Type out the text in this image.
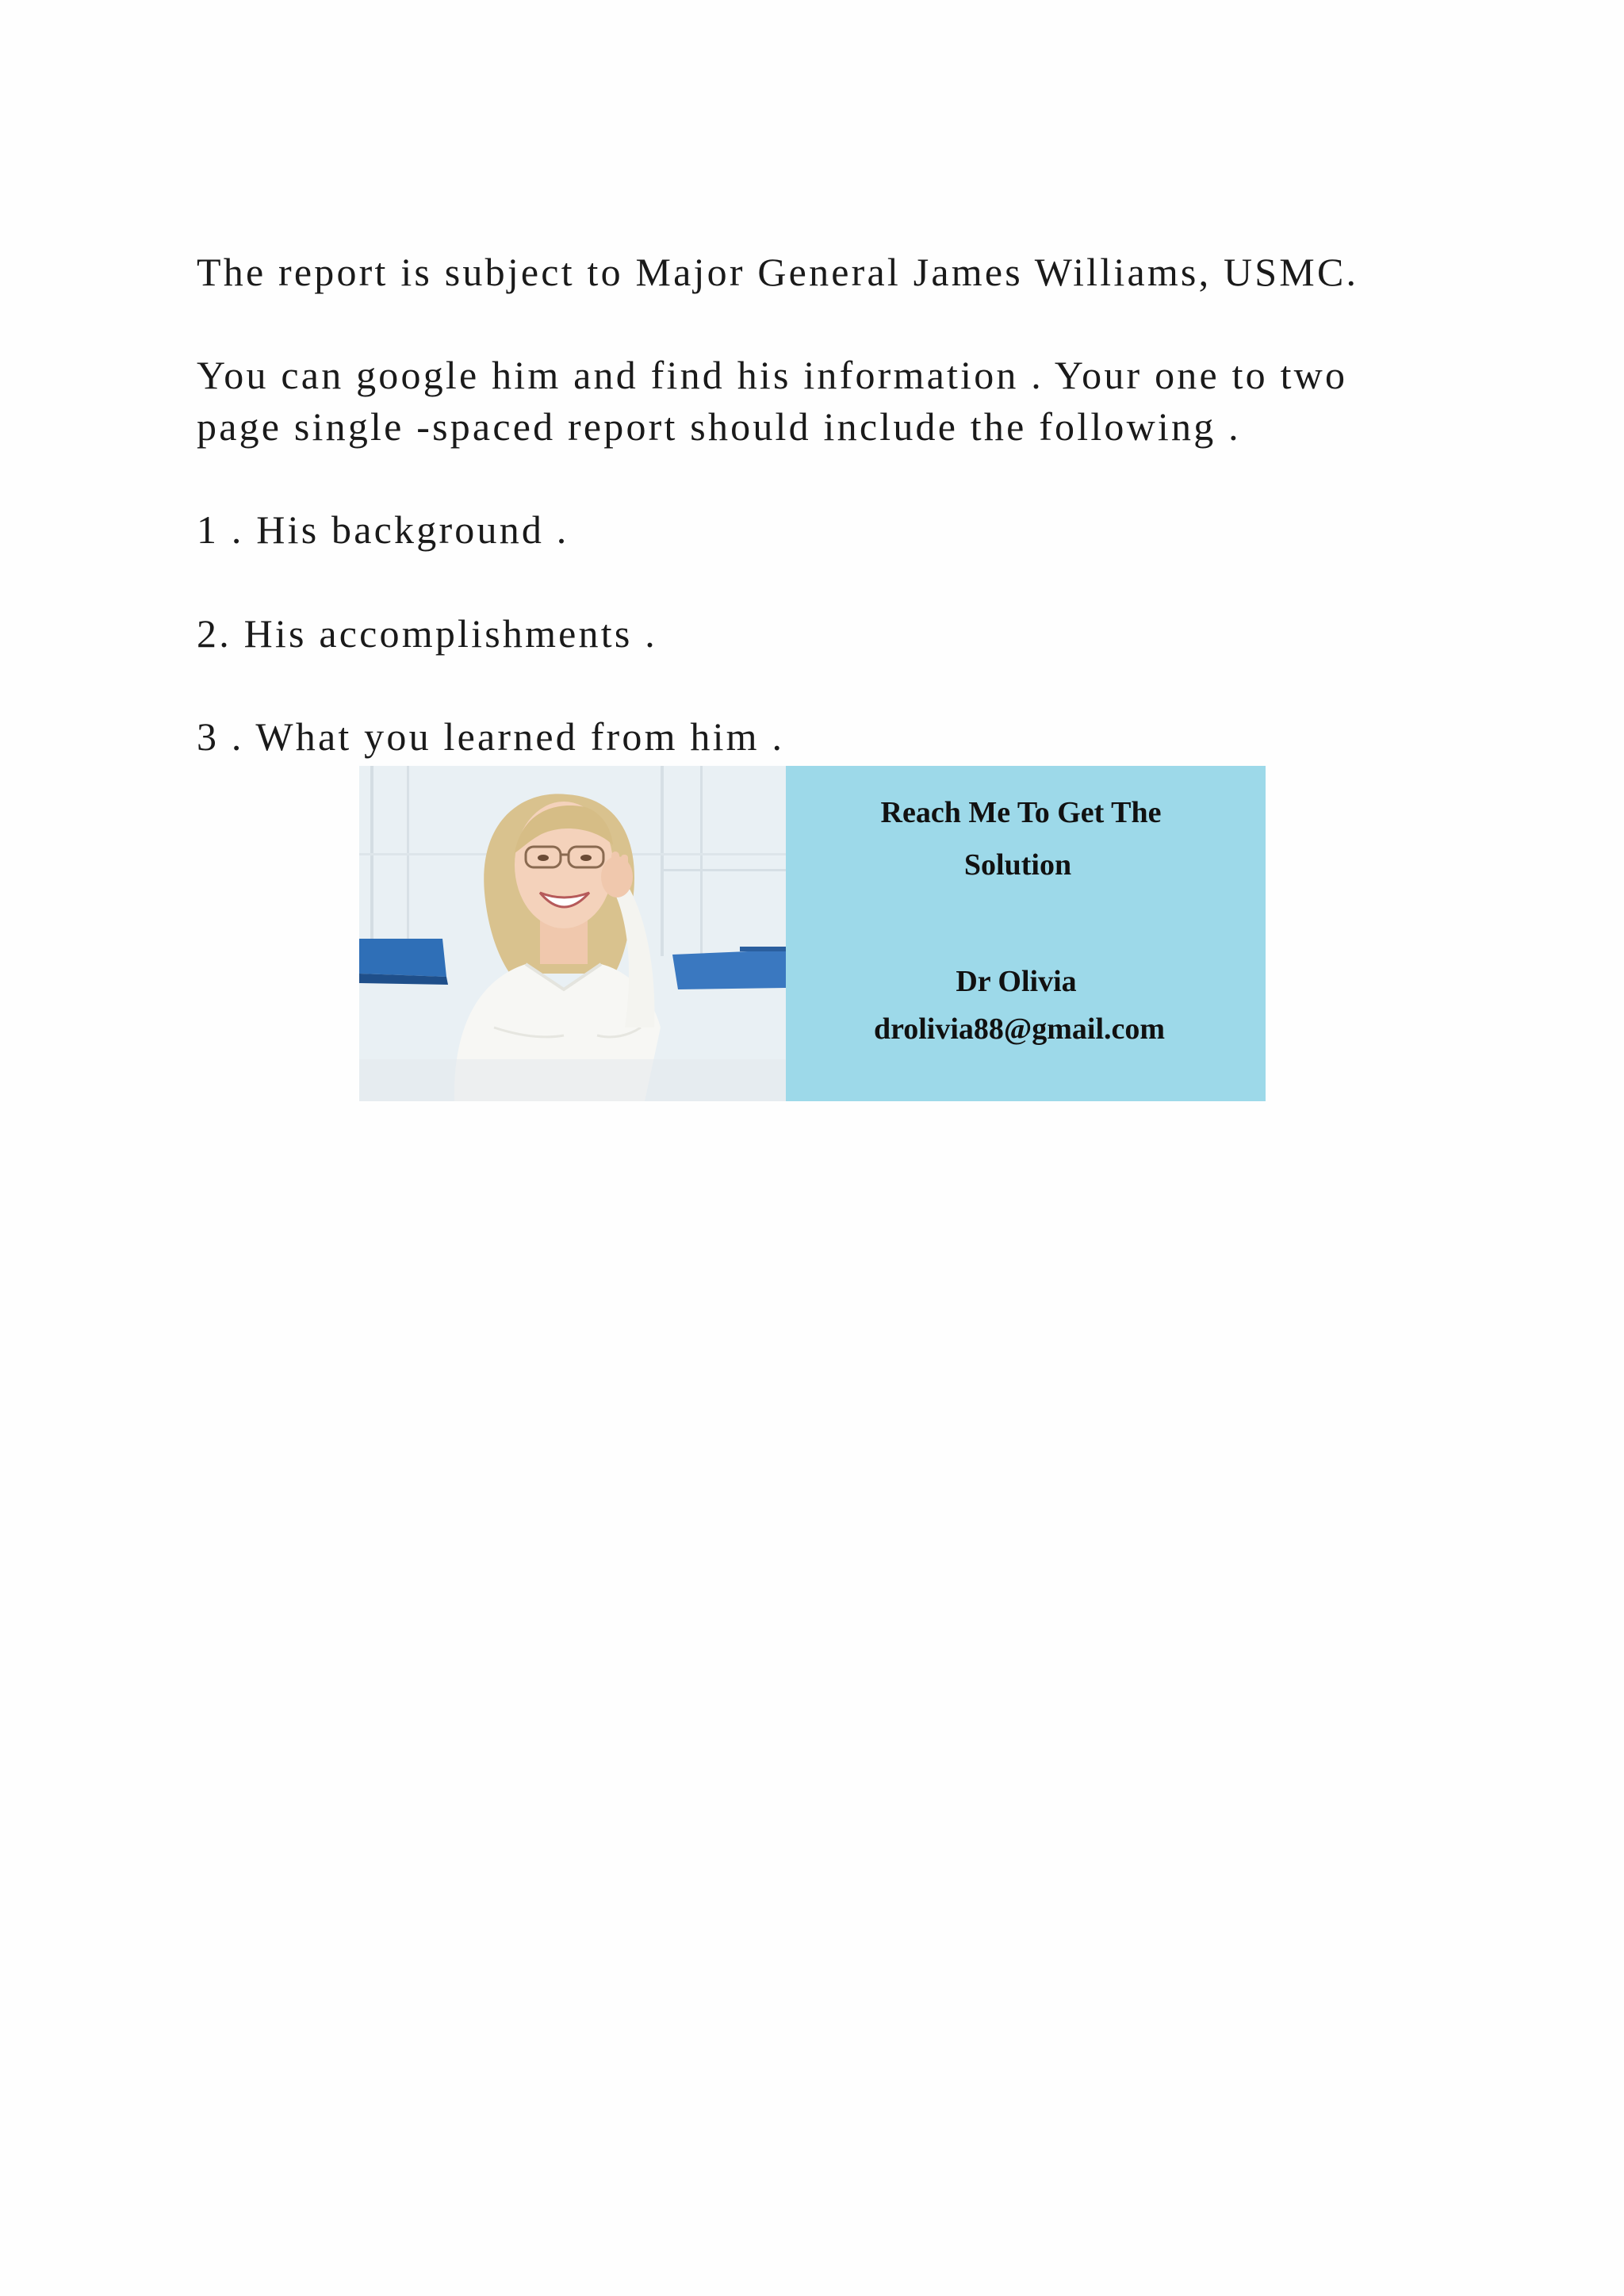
The report is subject to Major General James Williams, USMC.
You can google him and find his information . Your one to two
page single -spaced report should include the following .
1 . His background .
2. His accomplishments .
3 . What you learned from him .
Reach Me To Get The
Solution
Dr Olivia
drolivia88@gmail.com
